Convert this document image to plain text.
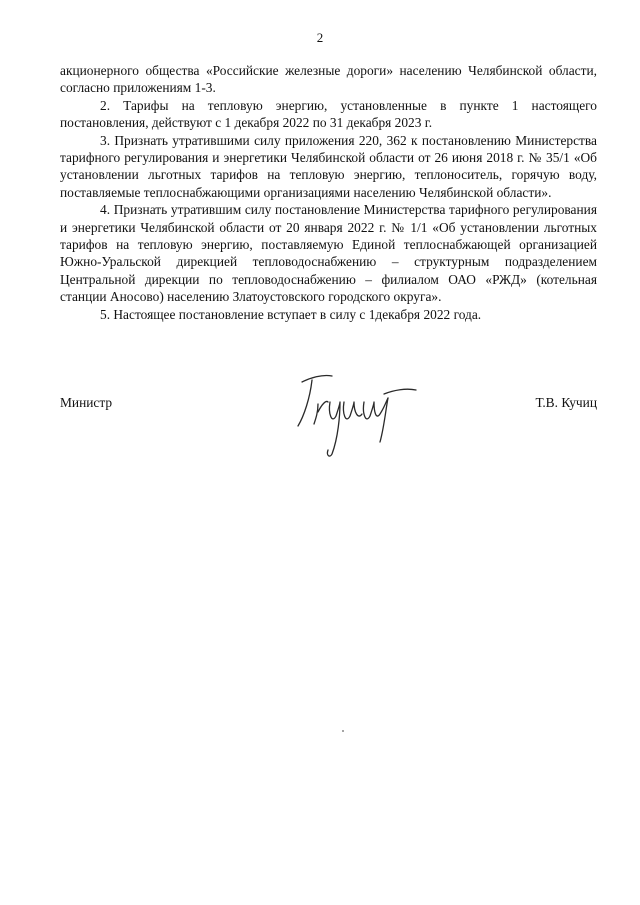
2

акционерного общества «Российские железные дороги» населению Челябинской области, согласно приложениям 1-3.

2. Тарифы на тепловую энергию, установленные в пункте 1 настоящего постановления, действуют с 1 декабря 2022 по 31 декабря 2023 г.

3. Признать утратившими силу приложения 220, 362 к постановлению Министерства тарифного регулирования и энергетики Челябинской области от 26 июня 2018 г. № 35/1 «Об установлении льготных тарифов на тепловую энергию, теплоноситель, горячую воду, поставляемые теплоснабжающими организациями населению Челябинской области».

4. Признать утратившим силу постановление Министерства тарифного регулирования и энергетики Челябинской области от 20 января 2022 г. № 1/1 «Об установлении льготных тарифов на тепловую энергию, поставляемую Единой теплоснабжающей организацией Южно-Уральской дирекцией тепловодоснабжению – структурным подразделением Центральной дирекции по тепловодоснабжению – филиалом ОАО «РЖД» (котельная станции Аносово) населению Златоустовского городского округа».

5. Настоящее постановление вступает в силу с 1декабря 2022 года.

Министр	Т.В. Кучиц
